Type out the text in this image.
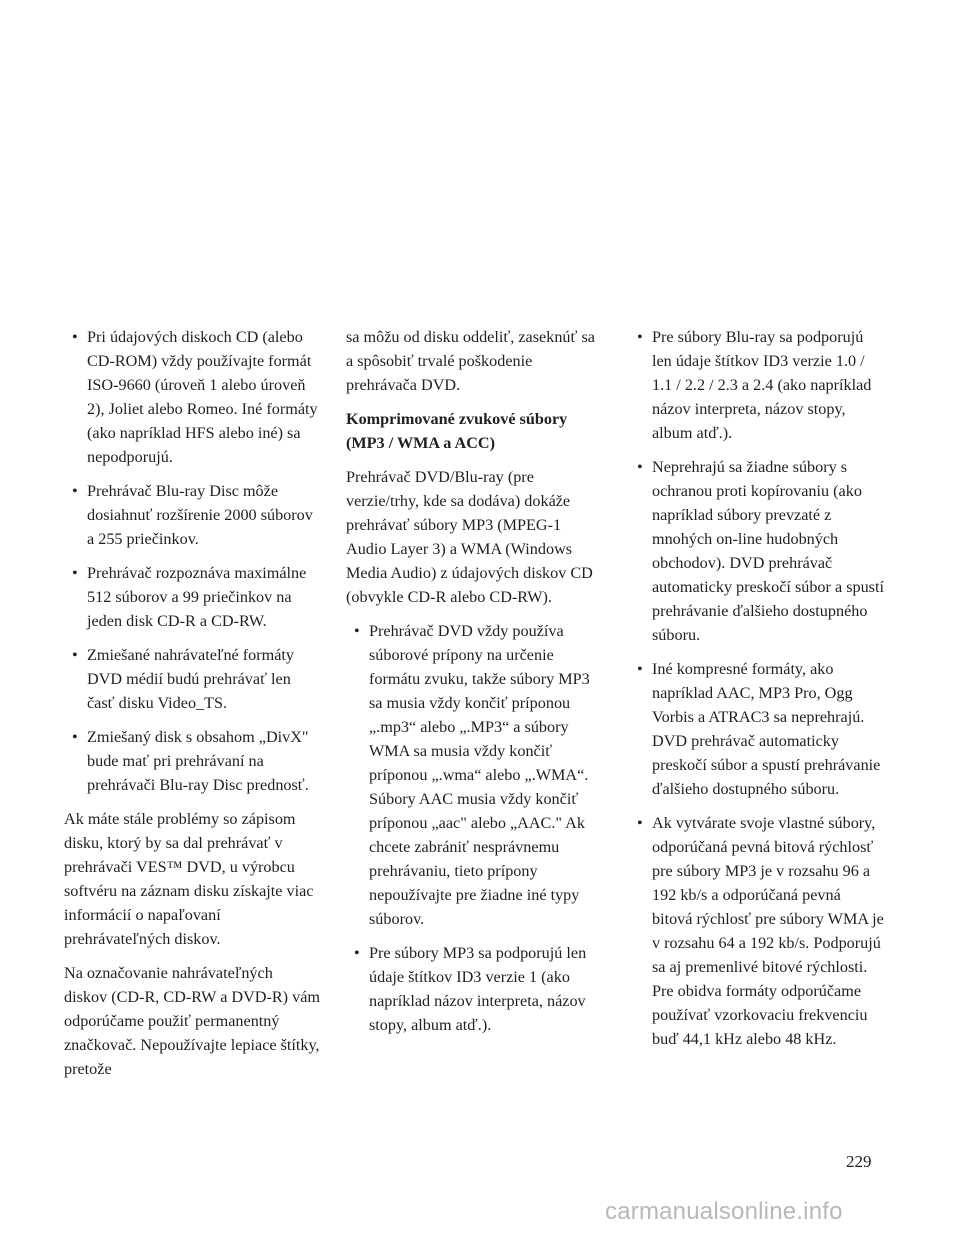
• Pri údajových diskoch CD (alebo CD-ROM) vždy používajte formát ISO-9660 (úroveň 1 alebo úroveň 2), Joliet alebo Romeo. Iné formáty (ako napríklad HFS alebo iné) sa nepodporujú.
• Prehrávač Blu-ray Disc môže dosiahnuť rozšírenie 2000 súborov a 255 priečinkov.
• Prehrávač rozpoznáva maximálne 512 súborov a 99 priečinkov na jeden disk CD-R a CD-RW.
• Zmiešané nahrávateľné formáty DVD médií budú prehrávať len časť disku Video_TS.
• Zmiešaný disk s obsahom „DivX" bude mať pri prehrávaní na prehrávači Blu-ray Disc prednosť.

Ak máte stále problémy so zápisom disku, ktorý by sa dal prehrávať v prehrávači VES™ DVD, u výrobcu softvéru na záznam disku získajte viac informácií o napaľovaní prehrávateľných diskov.

Na označovanie nahrávateľných diskov (CD-R, CD-RW a DVD-R) vám odporúčame použiť permanentný značkovač. Nepoužívajte lepiace štítky, pretože

sa môžu od disku oddeliť, zaseknúť sa a spôsobiť trvalé poškodenie prehrávača DVD.

Komprimované zvukové súbory (MP3 / WMA a ACC)

Prehrávač DVD/Blu-ray (pre verzie/trhy, kde sa dodáva) dokáže prehrávať súbory MP3 (MPEG-1 Audio Layer 3) a WMA (Windows Media Audio) z údajových diskov CD (obvykle CD-R alebo CD-RW).

• Prehrávač DVD vždy používa súborové prípony na určenie formátu zvuku, takže súbory MP3 sa musia vždy končiť príponou „.mp3“ alebo „.MP3“ a súbory WMA sa musia vždy končiť príponou „.wma“ alebo „.WMA“. Súbory AAC musia vždy končiť príponou „aac" alebo „AAC." Ak chcete zabrániť nesprávnemu prehrávaniu, tieto prípony nepoužívajte pre žiadne iné typy súborov.
• Pre súbory MP3 sa podporujú len údaje štítkov ID3 verzie 1 (ako napríklad názov interpreta, názov stopy, album atď.).
• Pre súbory Blu-ray sa podporujú len údaje štítkov ID3 verzie 1.0 / 1.1 / 2.2 / 2.3 a 2.4 (ako napríklad názov interpreta, názov stopy, album atď.).
• Neprehrajú sa žiadne súbory s ochranou proti kopírovaniu (ako napríklad súbory prevzaté z mnohých on-line hudobných obchodov). DVD prehrávač automaticky preskočí súbor a spustí prehrávanie ďalšieho dostupného súboru.
• Iné kompresné formáty, ako napríklad AAC, MP3 Pro, Ogg Vorbis a ATRAC3 sa neprehrajú. DVD prehrávač automaticky preskočí súbor a spustí prehrávanie ďalšieho dostupného súboru.
• Ak vytvárate svoje vlastné súbory, odporúčaná pevná bitová rýchlosť pre súbory MP3 je v rozsahu 96 a 192 kb/s a odporúčaná pevná bitová rýchlosť pre súbory WMA je v rozsahu 64 a 192 kb/s. Podporujú sa aj premenlivé bitové rýchlosti. Pre obidva formáty odporúčame používať vzorkovaciu frekvenciu buď 44,1 kHz alebo 48 kHz.
229
carmanualsonline.info
